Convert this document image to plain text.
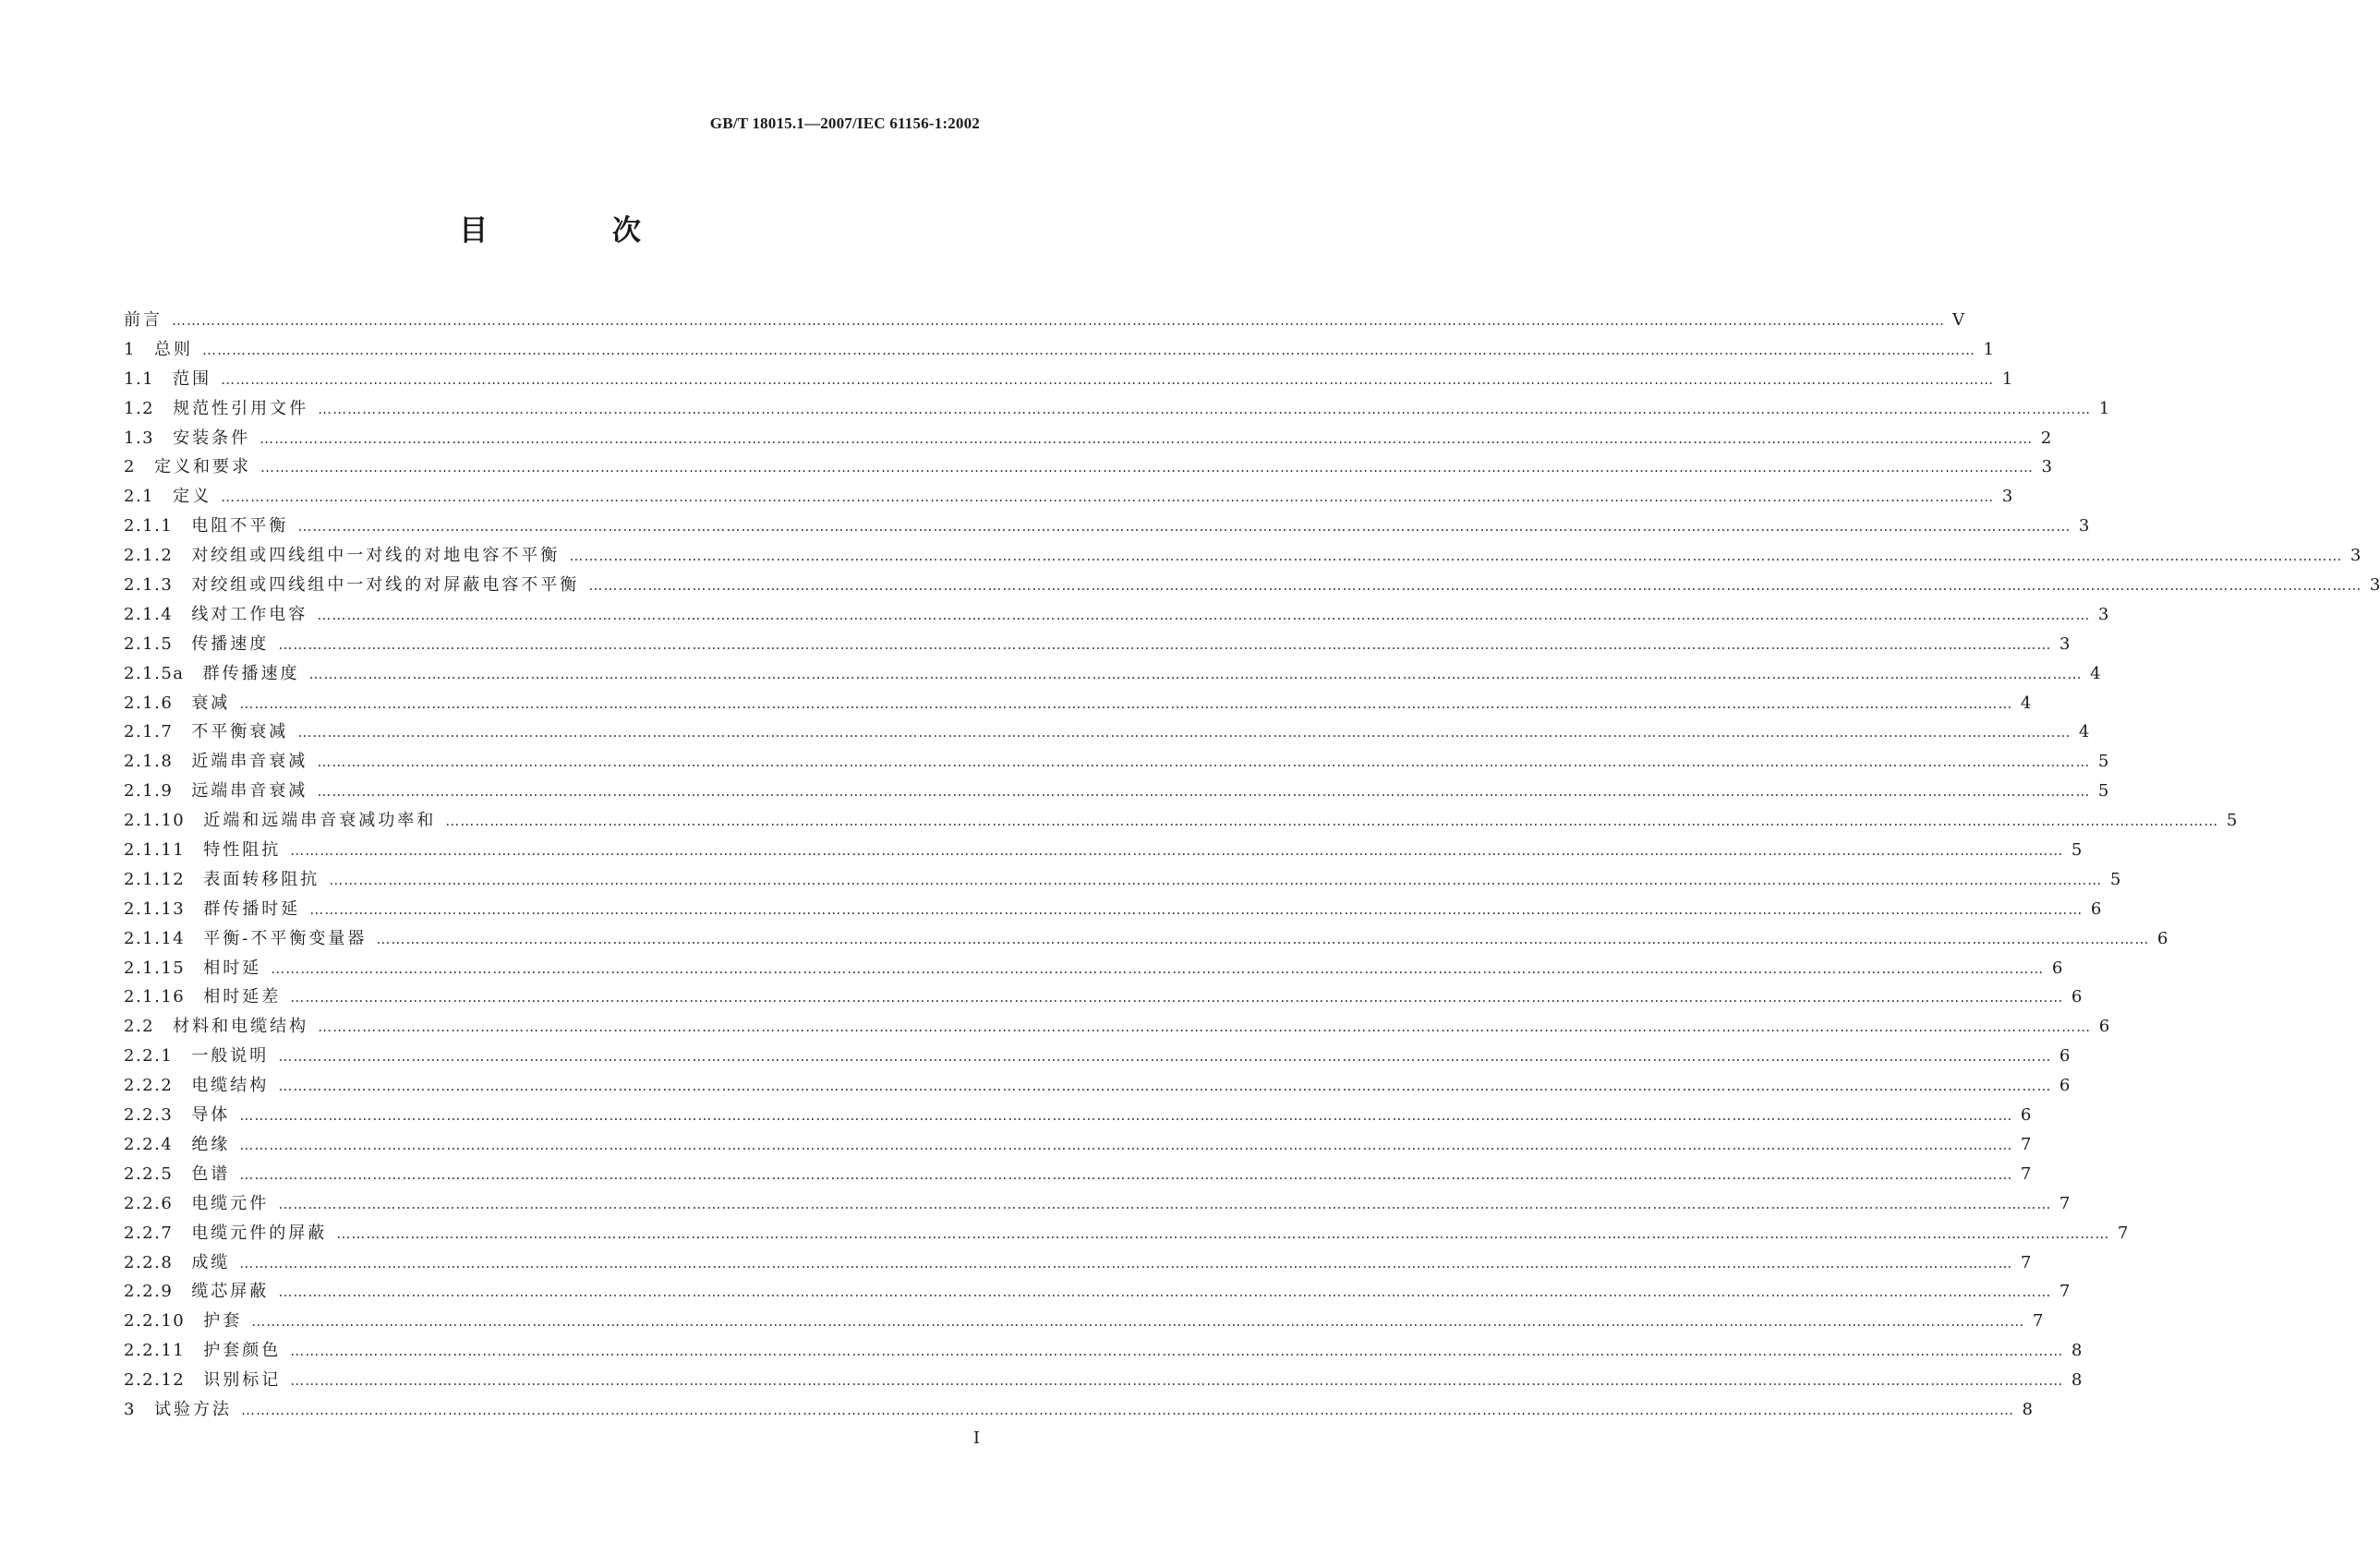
GB/T 18015.1—2007/IEC 61156-1:2002
目 次
前言 ……………………………………………………………………………………………………………………………………………………………………………………………………………………………………………………………………………………………………………………………… V
1 总则 ……………………………………………………………………………………………………………………………………………………………………………………………………………………………………………………………………………………………………………………………… 1
1.1 范围 ……………………………………………………………………………………………………………………………………………………………………………………………………………………………………………………………………………………………………………………………… 1
1.2 规范性引用文件 ……………………………………………………………………………………………………………………………………………………………………………………………………………………………………………………………………………………………………………………………… 1
1.3 安装条件 ……………………………………………………………………………………………………………………………………………………………………………………………………………………………………………………………………………………………………………………………… 2
2 定义和要求 ……………………………………………………………………………………………………………………………………………………………………………………………………………………………………………………………………………………………………………………………… 3
2.1 定义 ……………………………………………………………………………………………………………………………………………………………………………………………………………………………………………………………………………………………………………………………… 3
2.1.1 电阻不平衡 ……………………………………………………………………………………………………………………………………………………………………………………………………………………………………………………………………………………………………………………………… 3
2.1.2 对绞组或四线组中一对线的对地电容不平衡 ……………………………………………………………………………………………………………………………………………………………………………………………………………………………………………………………………………………………………………………………… 3
2.1.3 对绞组或四线组中一对线的对屏蔽电容不平衡 ……………………………………………………………………………………………………………………………………………………………………………………………………………………………………………………………………………………………………………………………… 3
2.1.4 线对工作电容 ……………………………………………………………………………………………………………………………………………………………………………………………………………………………………………………………………………………………………………………………… 3
2.1.5 传播速度 ……………………………………………………………………………………………………………………………………………………………………………………………………………………………………………………………………………………………………………………………… 3
2.1.5a 群传播速度 ……………………………………………………………………………………………………………………………………………………………………………………………………………………………………………………………………………………………………………………………… 4
2.1.6 衰减 ……………………………………………………………………………………………………………………………………………………………………………………………………………………………………………………………………………………………………………………………… 4
2.1.7 不平衡衰减 ……………………………………………………………………………………………………………………………………………………………………………………………………………………………………………………………………………………………………………………………… 4
2.1.8 近端串音衰减 ……………………………………………………………………………………………………………………………………………………………………………………………………………………………………………………………………………………………………………………………… 5
2.1.9 远端串音衰减 ……………………………………………………………………………………………………………………………………………………………………………………………………………………………………………………………………………………………………………………………… 5
2.1.10 近端和远端串音衰减功率和 ……………………………………………………………………………………………………………………………………………………………………………………………………………………………………………………………………………………………………………………………… 5
2.1.11 特性阻抗 ……………………………………………………………………………………………………………………………………………………………………………………………………………………………………………………………………………………………………………………………… 5
2.1.12 表面转移阻抗 ……………………………………………………………………………………………………………………………………………………………………………………………………………………………………………………………………………………………………………………………… 5
2.1.13 群传播时延 ……………………………………………………………………………………………………………………………………………………………………………………………………………………………………………………………………………………………………………………………… 6
2.1.14 平衡-不平衡变量器 ……………………………………………………………………………………………………………………………………………………………………………………………………………………………………………………………………………………………………………………………… 6
2.1.15 相时延 ……………………………………………………………………………………………………………………………………………………………………………………………………………………………………………………………………………………………………………………………… 6
2.1.16 相时延差 ……………………………………………………………………………………………………………………………………………………………………………………………………………………………………………………………………………………………………………………………… 6
2.2 材料和电缆结构 ……………………………………………………………………………………………………………………………………………………………………………………………………………………………………………………………………………………………………………………………… 6
2.2.1 一般说明 ……………………………………………………………………………………………………………………………………………………………………………………………………………………………………………………………………………………………………………………………… 6
2.2.2 电缆结构 ……………………………………………………………………………………………………………………………………………………………………………………………………………………………………………………………………………………………………………………………… 6
2.2.3 导体 ……………………………………………………………………………………………………………………………………………………………………………………………………………………………………………………………………………………………………………………………… 6
2.2.4 绝缘 ……………………………………………………………………………………………………………………………………………………………………………………………………………………………………………………………………………………………………………………………… 7
2.2.5 色谱 ……………………………………………………………………………………………………………………………………………………………………………………………………………………………………………………………………………………………………………………………… 7
2.2.6 电缆元件 ……………………………………………………………………………………………………………………………………………………………………………………………………………………………………………………………………………………………………………………………… 7
2.2.7 电缆元件的屏蔽 ……………………………………………………………………………………………………………………………………………………………………………………………………………………………………………………………………………………………………………………………… 7
2.2.8 成缆 ……………………………………………………………………………………………………………………………………………………………………………………………………………………………………………………………………………………………………………………………… 7
2.2.9 缆芯屏蔽 ……………………………………………………………………………………………………………………………………………………………………………………………………………………………………………………………………………………………………………………………… 7
2.2.10 护套 ……………………………………………………………………………………………………………………………………………………………………………………………………………………………………………………………………………………………………………………………… 7
2.2.11 护套颜色 ……………………………………………………………………………………………………………………………………………………………………………………………………………………………………………………………………………………………………………………………… 8
2.2.12 识别标记 ……………………………………………………………………………………………………………………………………………………………………………………………………………………………………………………………………………………………………………………………… 8
3 试验方法 ……………………………………………………………………………………………………………………………………………………………………………………………………………………………………………………………………………………………………………………………… 8
I
